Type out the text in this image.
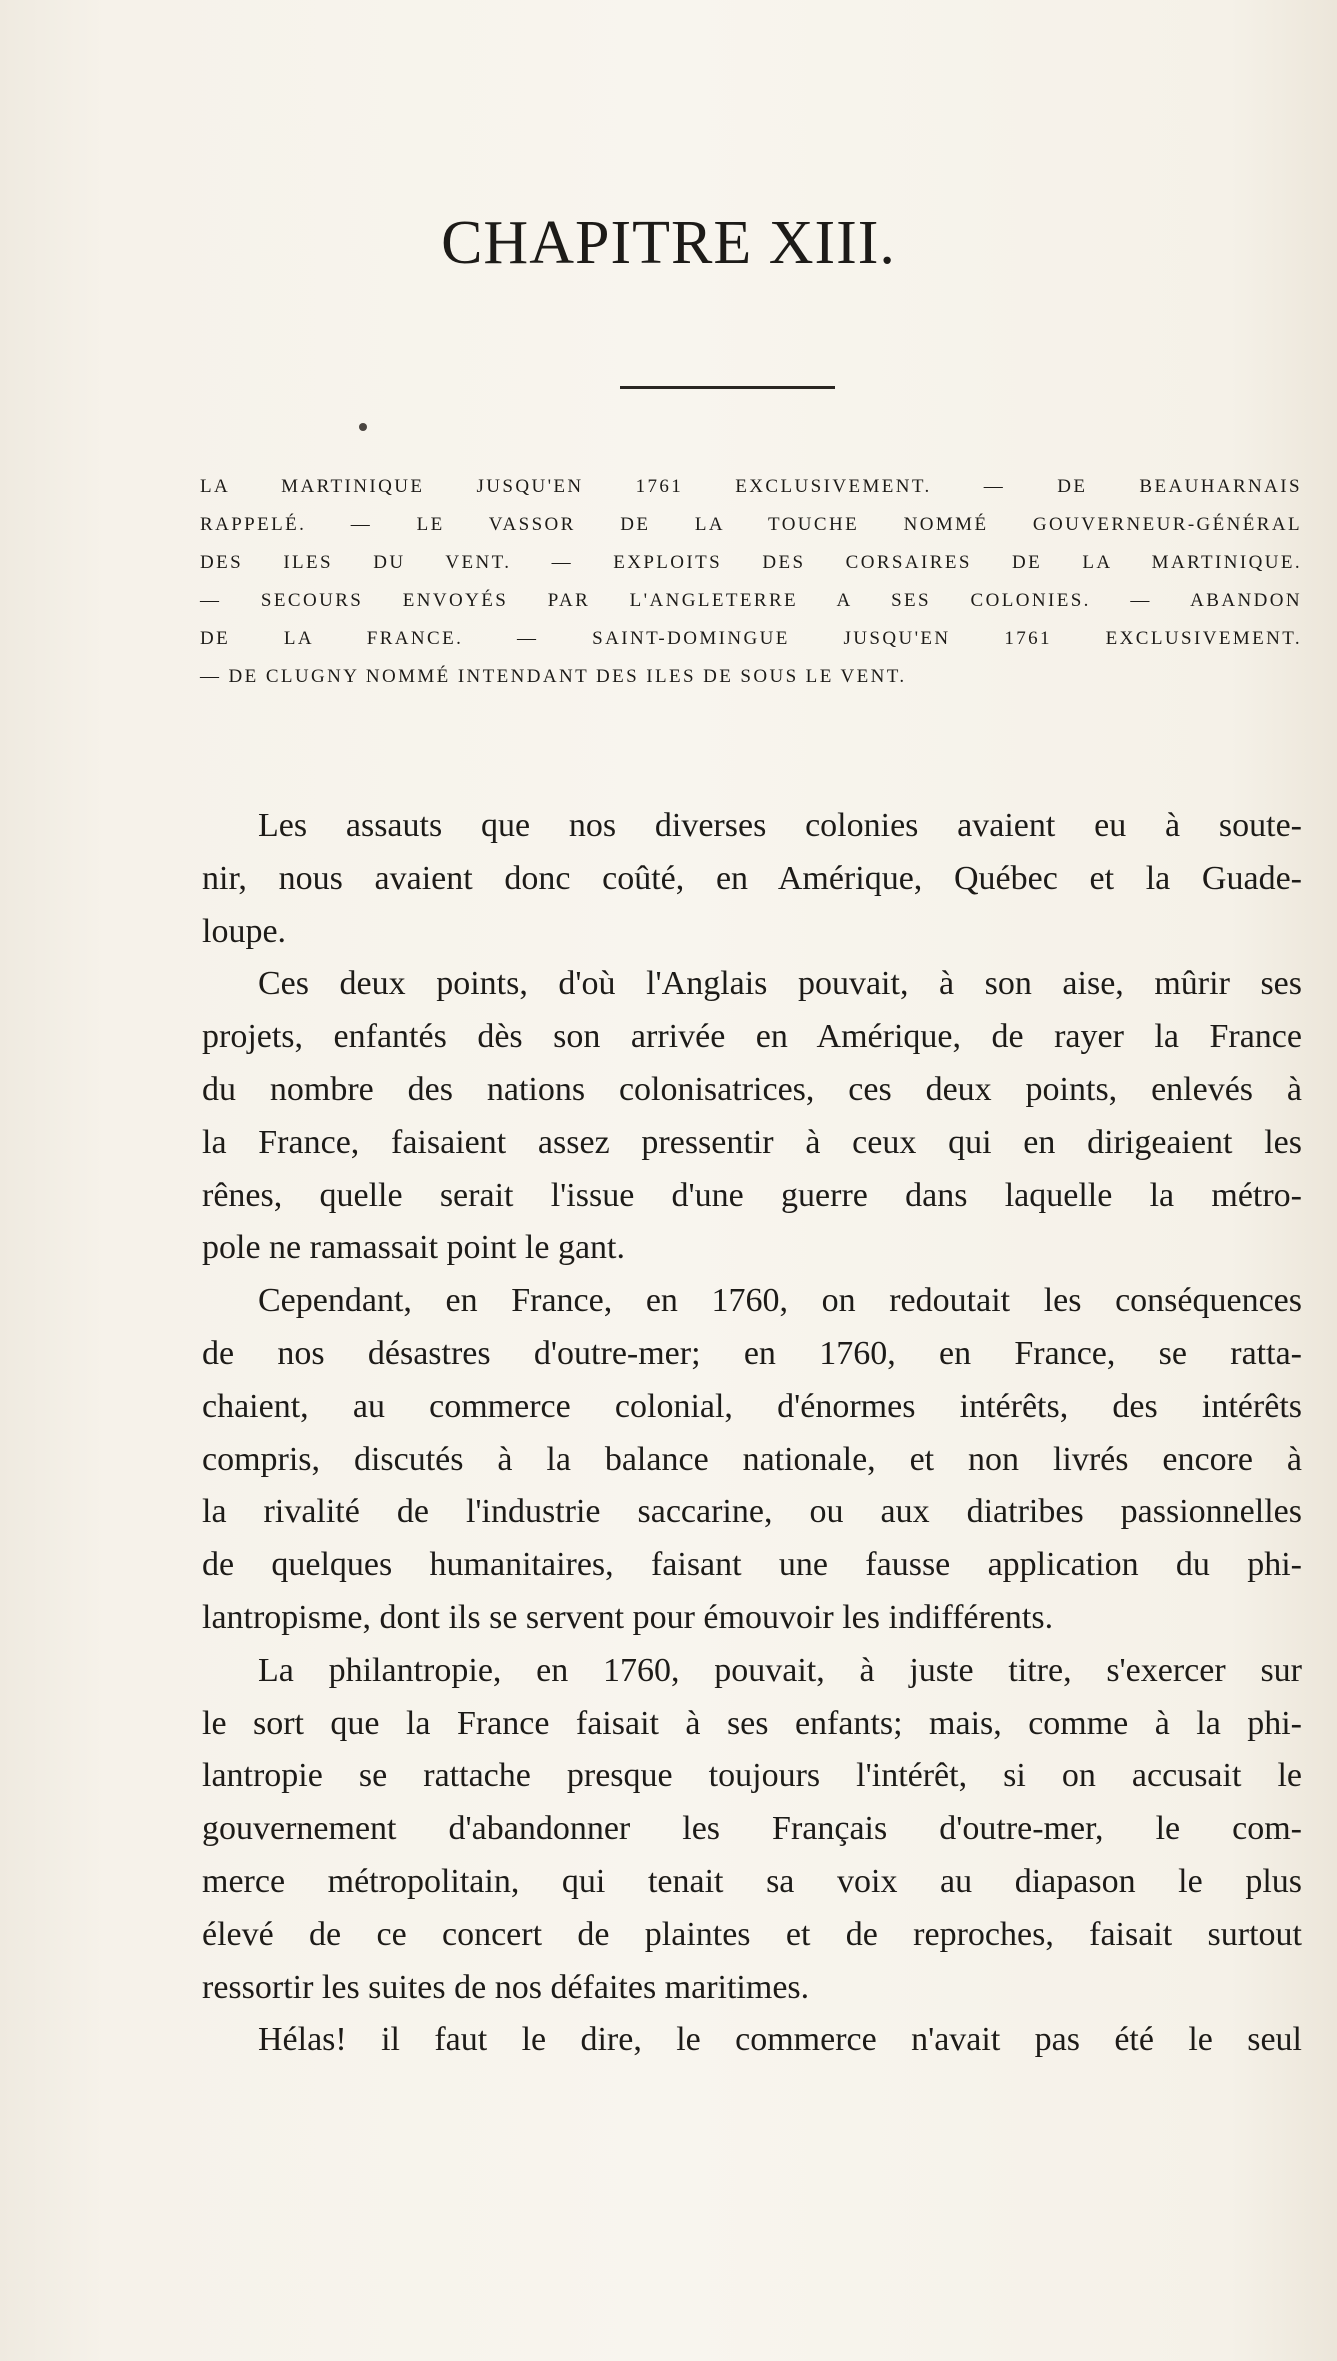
CHAPITRE XIII.
LA MARTINIQUE JUSQU'EN 1761 EXCLUSIVEMENT. — DE BEAUHARNAIS
RAPPELÉ. — LE VASSOR DE LA TOUCHE NOMMÉ GOUVERNEUR-GÉNÉRAL
DES ILES DU VENT. — EXPLOITS DES CORSAIRES DE LA MARTINIQUE.
— SECOURS ENVOYÉS PAR L'ANGLETERRE A SES COLONIES. — ABANDON
DE LA FRANCE. — SAINT-DOMINGUE JUSQU'EN 1761 EXCLUSIVEMENT.
— DE CLUGNY NOMMÉ INTENDANT DES ILES DE SOUS LE VENT.
Les assauts que nos diverses colonies avaient eu à soute-
nir, nous avaient donc coûté, en Amérique, Québec et la Guade-
loupe.
Ces deux points, d'où l'Anglais pouvait, à son aise, mûrir ses
projets, enfantés dès son arrivée en Amérique, de rayer la France
du nombre des nations colonisatrices, ces deux points, enlevés à
la France, faisaient assez pressentir à ceux qui en dirigeaient les
rênes, quelle serait l'issue d'une guerre dans laquelle la métro-
pole ne ramassait point le gant.
Cependant, en France, en 1760, on redoutait les conséquences
de nos désastres d'outre-mer; en 1760, en France, se ratta-
chaient, au commerce colonial, d'énormes intérêts, des intérêts
compris, discutés à la balance nationale, et non livrés encore à
la rivalité de l'industrie saccarine, ou aux diatribes passionnelles
de quelques humanitaires, faisant une fausse application du phi-
lantropisme, dont ils se servent pour émouvoir les indifférents.
La philantropie, en 1760, pouvait, à juste titre, s'exercer sur
le sort que la France faisait à ses enfants; mais, comme à la phi-
lantropie se rattache presque toujours l'intérêt, si on accusait le
gouvernement d'abandonner les Français d'outre-mer, le com-
merce métropolitain, qui tenait sa voix au diapason le plus
élevé de ce concert de plaintes et de reproches, faisait surtout
ressortir les suites de nos défaites maritimes.
Hélas! il faut le dire, le commerce n'avait pas été le seul
